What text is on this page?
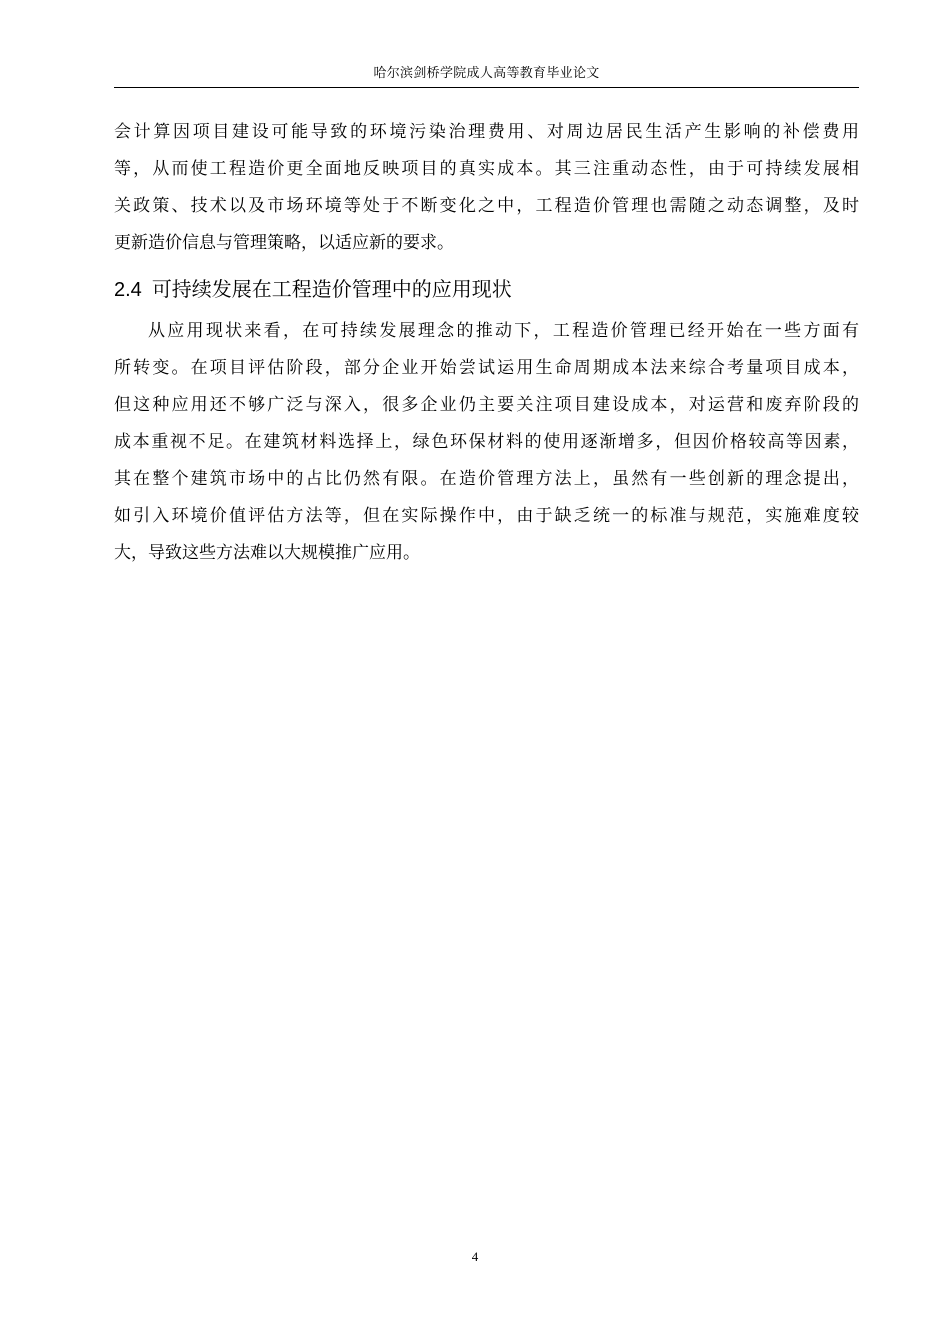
哈尔滨剑桥学院成人高等教育毕业论文
会计算因项目建设可能导致的环境污染治理费用、对周边居民生活产生影响的补偿费用
等，从而使工程造价更全面地反映项目的真实成本。其三注重动态性，由于可持续发展相
关政策、技术以及市场环境等处于不断变化之中，工程造价管理也需随之动态调整，及时
更新造价信息与管理策略，以适应新的要求。
2.4 可持续发展在工程造价管理中的应用现状
从应用现状来看，在可持续发展理念的推动下，工程造价管理已经开始在一些方面有
所转变。在项目评估阶段，部分企业开始尝试运用生命周期成本法来综合考量项目成本，
但这种应用还不够广泛与深入，很多企业仍主要关注项目建设成本，对运营和废弃阶段的
成本重视不足。在建筑材料选择上，绿色环保材料的使用逐渐增多，但因价格较高等因素，
其在整个建筑市场中的占比仍然有限。在造价管理方法上，虽然有一些创新的理念提出，
如引入环境价值评估方法等，但在实际操作中，由于缺乏统一的标准与规范，实施难度较
大，导致这些方法难以大规模推广应用。
4
